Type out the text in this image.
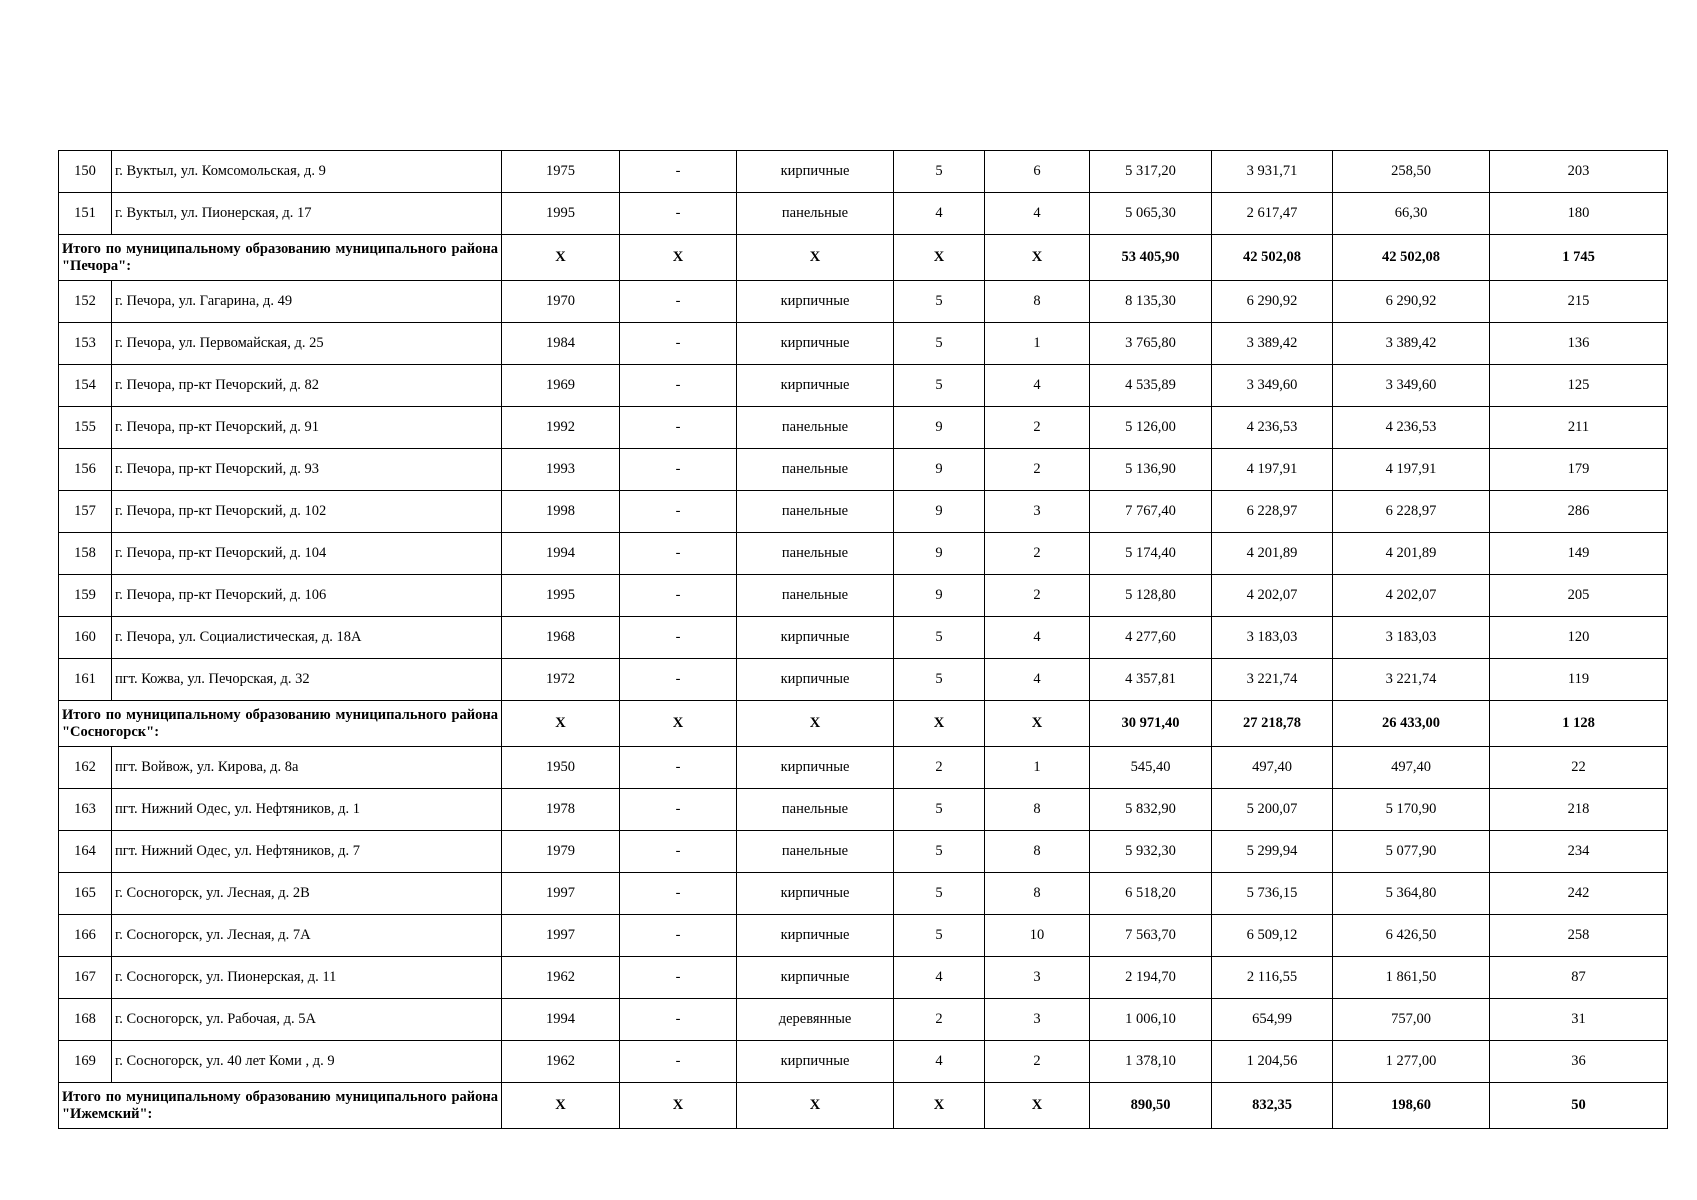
150	г. Вуктыл, ул. Комсомольская, д. 9	1975	-	кирпичные	5	6	5 317,20	3 931,71	258,50	203
151	г. Вуктыл, ул. Пионерская, д. 17	1995	-	панельные	4	4	5 065,30	2 617,47	66,30	180
Итого по муниципальному образованию муниципального района "Печора":		X	X	X	X	X	53 405,90	42 502,08	42 502,08	1 745
152	г. Печора, ул. Гагарина, д. 49	1970	-	кирпичные	5	8	8 135,30	6 290,92	6 290,92	215
153	г. Печора, ул. Первомайская, д. 25	1984	-	кирпичные	5	1	3 765,80	3 389,42	3 389,42	136
154	г. Печора, пр-кт Печорский, д. 82	1969	-	кирпичные	5	4	4 535,89	3 349,60	3 349,60	125
155	г. Печора, пр-кт Печорский, д. 91	1992	-	панельные	9	2	5 126,00	4 236,53	4 236,53	211
156	г. Печора, пр-кт Печорский, д. 93	1993	-	панельные	9	2	5 136,90	4 197,91	4 197,91	179
157	г. Печора, пр-кт Печорский, д. 102	1998	-	панельные	9	3	7 767,40	6 228,97	6 228,97	286
158	г. Печора, пр-кт Печорский, д. 104	1994	-	панельные	9	2	5 174,40	4 201,89	4 201,89	149
159	г. Печора, пр-кт Печорский, д. 106	1995	-	панельные	9	2	5 128,80	4 202,07	4 202,07	205
160	г. Печора, ул. Социалистическая, д. 18А	1968	-	кирпичные	5	4	4 277,60	3 183,03	3 183,03	120
161	пгт. Кожва, ул. Печорская, д. 32	1972	-	кирпичные	5	4	4 357,81	3 221,74	3 221,74	119
Итого по муниципальному образованию муниципального района "Сосногорск":		X	X	X	X	X	30 971,40	27 218,78	26 433,00	1 128
162	пгт. Войвож, ул. Кирова, д. 8а	1950	-	кирпичные	2	1	545,40	497,40	497,40	22
163	пгт. Нижний Одес, ул. Нефтяников, д. 1	1978	-	панельные	5	8	5 832,90	5 200,07	5 170,90	218
164	пгт. Нижний Одес, ул. Нефтяников, д. 7	1979	-	панельные	5	8	5 932,30	5 299,94	5 077,90	234
165	г. Сосногорск, ул. Лесная, д. 2В	1997	-	кирпичные	5	8	6 518,20	5 736,15	5 364,80	242
166	г. Сосногорск, ул. Лесная, д. 7А	1997	-	кирпичные	5	10	7 563,70	6 509,12	6 426,50	258
167	г. Сосногорск, ул. Пионерская, д. 11	1962	-	кирпичные	4	3	2 194,70	2 116,55	1 861,50	87
168	г. Сосногорск, ул. Рабочая, д. 5А	1994	-	деревянные	2	3	1 006,10	654,99	757,00	31
169	г. Сосногорск, ул. 40 лет Коми , д. 9	1962	-	кирпичные	4	2	1 378,10	1 204,56	1 277,00	36
Итого по муниципальному образованию муниципального района "Ижемский":		X	X	X	X	X	890,50	832,35	198,60	50
